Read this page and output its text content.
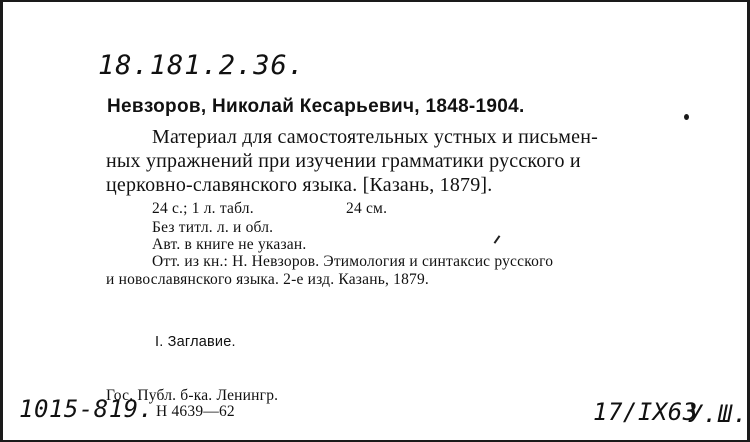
18.181.2.36.
Невзоров, Николай Кесарьевич, 1848-1904.
Материал для самостоятельных устных и письмен-
ных упражнений при изучении грамматики русского и
церковно-славянского языка. [Казань, 1879].
24 с.; 1 л. табл.	24 см.
Без титл. л. и обл.
Авт. в книге не указан.
Отт. из кн.: Н. Невзоров. Этимология и синтаксис русского
и новославянского языка. 2-е изд. Казань, 1879.
I. Заглавие.
Гос. Публ. б-ка. Ленингр.
H 4639—62
1015-819.	17/IX63
У.Ш.
